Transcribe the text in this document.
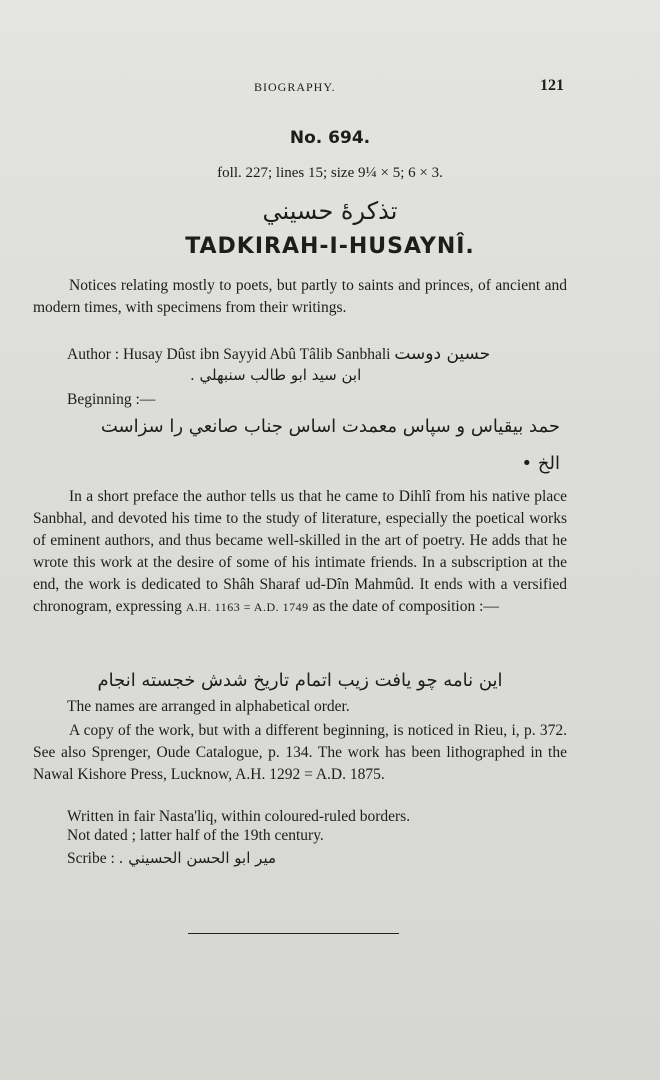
BIOGRAPHY.	121
No. 694.
foll. 227; lines 15; size 9¼ × 5; 6 × 3.
تذكرهٔ حسيني
TADKIRAH-I-HUSAYNÎ.
Notices relating mostly to poets, but partly to saints and princes, of ancient and modern times, with specimens from their writings.
Author : Husay Dûst ibn Sayyid Abû Tâlib Sanbhali حسين دوست
ابن سيد ابو طالب سنبهلي .
Beginning :—
حمد بيقياس و سپاس معمدت اساس جناب صانعي را سزاست
الخ •
In a short preface the author tells us that he came to Dihlî from his native place Sanbhal, and devoted his time to the study of literature, especially the poetical works of eminent authors, and thus became well-skilled in the art of poetry. He adds that he wrote this work at the desire of some of his intimate friends. In a subscription at the end, the work is dedicated to Shâh Sharaf ud-Dîn Mahmûd. It ends with a versified chronogram, expressing A.H. 1163 = A.D. 1749 as the date of composition :—
اين نامه چو يافت زيب اتمام تاريخ شدش خجسته انجام
The names are arranged in alphabetical order.
A copy of the work, but with a different beginning, is noticed in Rieu, i, p. 372. See also Sprenger, Oude Catalogue, p. 134. The work has been lithographed in the Nawal Kishore Press, Lucknow, A.H. 1292 = A.D. 1875.
Written in fair Nasta'liq, within coloured-ruled borders.
Not dated ; latter half of the 19th century.
Scribe : مير ابو الحسن الحسيني .
